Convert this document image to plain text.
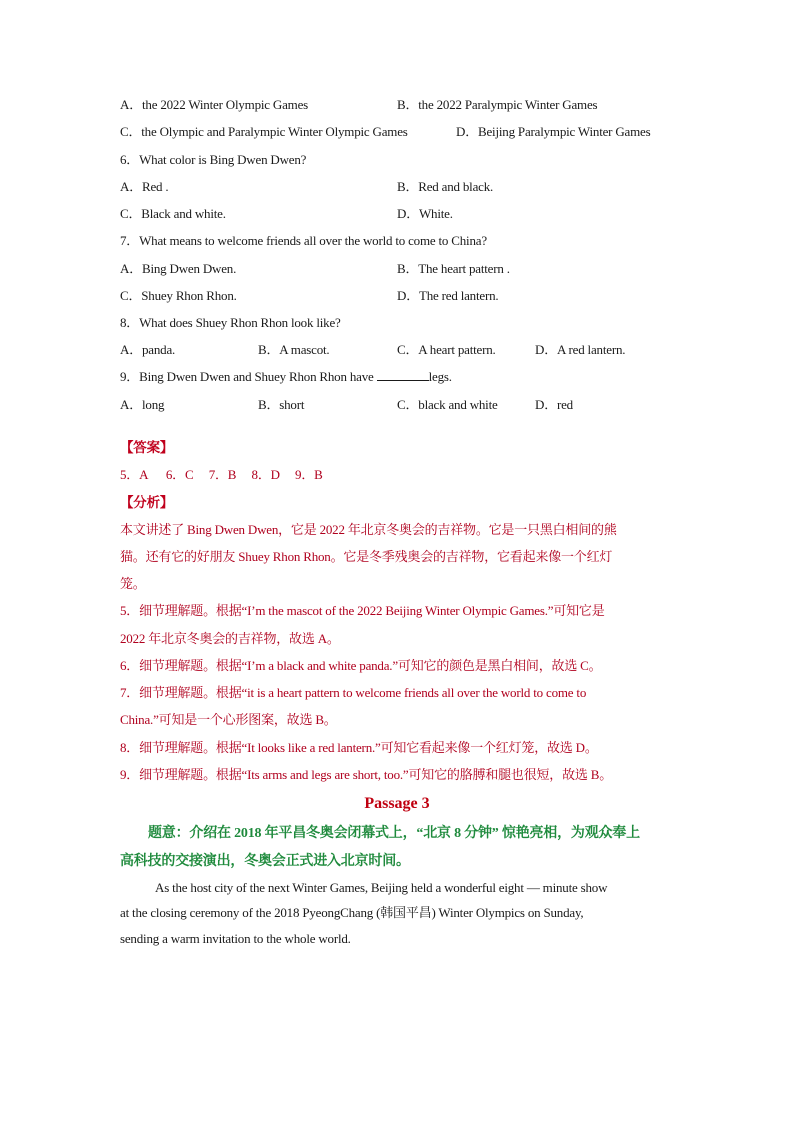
A．the 2022 Winter Olympic Games	B．the 2022 Paralympic Winter Games
C．the Olympic and Paralympic Winter Olympic Games	D．Beijing Paralympic Winter Games
6．What color is Bing Dwen Dwen?
A．Red .	B．Red and black.
C．Black and white.	D．White.
7．What means to welcome friends all over the world to come to China?
A．Bing Dwen Dwen.	B．The heart pattern .
C．Shuey Rhon Rhon.	D．The red lantern.
8．What does Shuey Rhon Rhon look like?
A．panda.	B．A mascot.	C．A heart pattern.	D．A red lantern.
9．Bing Dwen Dwen and Shuey Rhon Rhon have	legs.
A．long	B．short	C．black and white	D．red
【答案】
5．A      6．C     7．B     8．D     9．B
【分析】
本文讲述了 Bing Dwen Dwen，它是 2022 年北京冬奥会的吉祥物。它是一只黑白相间的熊
猫。还有它的好朋友 Shuey Rhon Rhon。它是冬季残奥会的吉祥物，它看起来像一个红灯
笼。
5．细节理解题。根据“I’m the mascot of the 2022 Beijing Winter Olympic Games.”可知它是
2022 年北京冬奥会的吉祥物，故选 A。
6．细节理解题。根据“I’m a black and white panda.”可知它的颜色是黑白相间，故选 C。
7．细节理解题。根据“it is a heart pattern to welcome friends all over the world to come to
China.”可知是一个心形图案，故选 B。
8．细节理解题。根据“It looks like a red lantern.”可知它看起来像一个红灯笼，故选 D。
9．细节理解题。根据“Its arms and legs are short, too.”可知它的胳膊和腿也很短，故选 B。
Passage 3
题意：介绍在 2018 年平昌冬奥会闭幕式上，“北京 8 分钟” 惊艳亮相，为观众奉上
高科技的交接演出，冬奥会正式进入北京时间。
As the host city of the next Winter Games, Beijing held a wonderful eight — minute show
at the closing ceremony of the 2018 PyeongChang (韩国平昌) Winter Olympics on Sunday,
sending a warm invitation to the whole world.
